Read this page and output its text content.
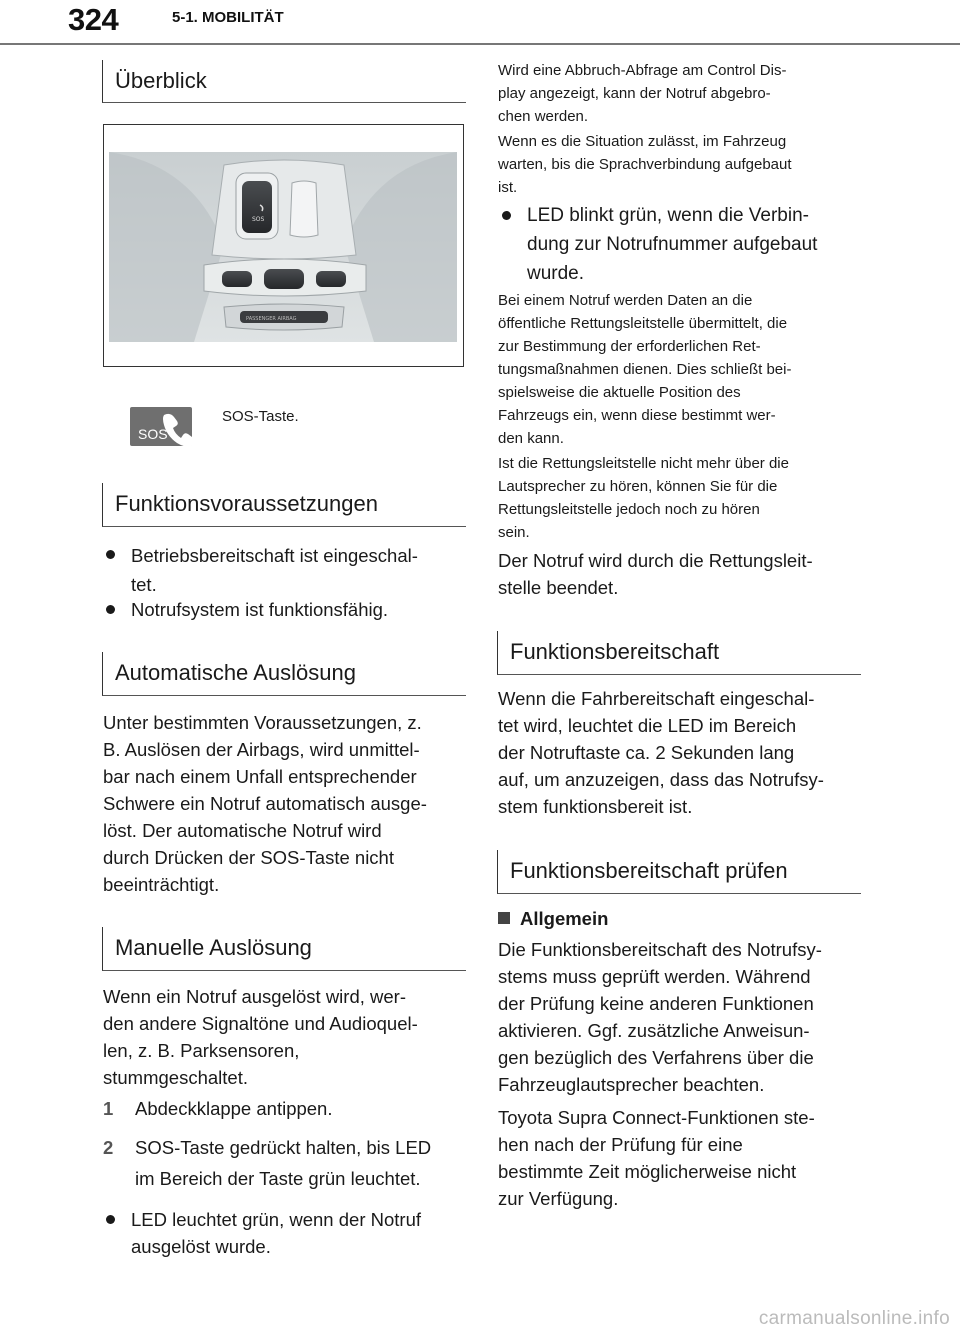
324	5-1. MOBILITÄT
Überblick
SOS
PASSENGER AIRBAG
SOS
SOS-Taste.
Funktionsvoraussetzungen
Betriebsbereitschaft ist eingeschal-
tet.
Notrufsystem ist funktionsfähig.
Automatische Auslösung
Unter bestimmten Voraussetzungen, z.
B. Auslösen der Airbags, wird unmittel-
bar nach einem Unfall entsprechender
Schwere ein Notruf automatisch ausge-
löst. Der automatische Notruf wird
durch Drücken der SOS-Taste nicht
beeinträchtigt.
Manuelle Auslösung
Wenn ein Notruf ausgelöst wird, wer-
den andere Signaltöne und Audioquel-
len, z. B. Parksensoren,
stummgeschaltet.
1 Abdeckklappe antippen.
2 SOS-Taste gedrückt halten, bis LED
im Bereich der Taste grün leuchtet.
LED leuchtet grün, wenn der Notruf
ausgelöst wurde.
Wird eine Abbruch-Abfrage am Control Dis-
play angezeigt, kann der Notruf abgebro-
chen werden.
Wenn es die Situation zulässt, im Fahrzeug
warten, bis die Sprachverbindung aufgebaut
ist.
LED blinkt grün, wenn die Verbin-
dung zur Notrufnummer aufgebaut
wurde.
Bei einem Notruf werden Daten an die
öffentliche Rettungsleitstelle übermittelt, die
zur Bestimmung der erforderlichen Ret-
tungsmaßnahmen dienen. Dies schließt bei-
spielsweise die aktuelle Position des
Fahrzeugs ein, wenn diese bestimmt wer-
den kann.
Ist die Rettungsleitstelle nicht mehr über die
Lautsprecher zu hören, können Sie für die
Rettungsleitstelle jedoch noch zu hören
sein.
Der Notruf wird durch die Rettungsleit-
stelle beendet.
Funktionsbereitschaft
Wenn die Fahrbereitschaft eingeschal-
tet wird, leuchtet die LED im Bereich
der Notruftaste ca. 2 Sekunden lang
auf, um anzuzeigen, dass das Notrufsy-
stem funktionsbereit ist.
Funktionsbereitschaft prüfen
Allgemein
Die Funktionsbereitschaft des Notrufsy-
stems muss geprüft werden. Während
der Prüfung keine anderen Funktionen
aktivieren. Ggf. zusätzliche Anweisun-
gen bezüglich des Verfahrens über die
Fahrzeuglautsprecher beachten.
Toyota Supra Connect-Funktionen ste-
hen nach der Prüfung für eine
bestimmte Zeit möglicherweise nicht
zur Verfügung.
carmanualsonline.info
